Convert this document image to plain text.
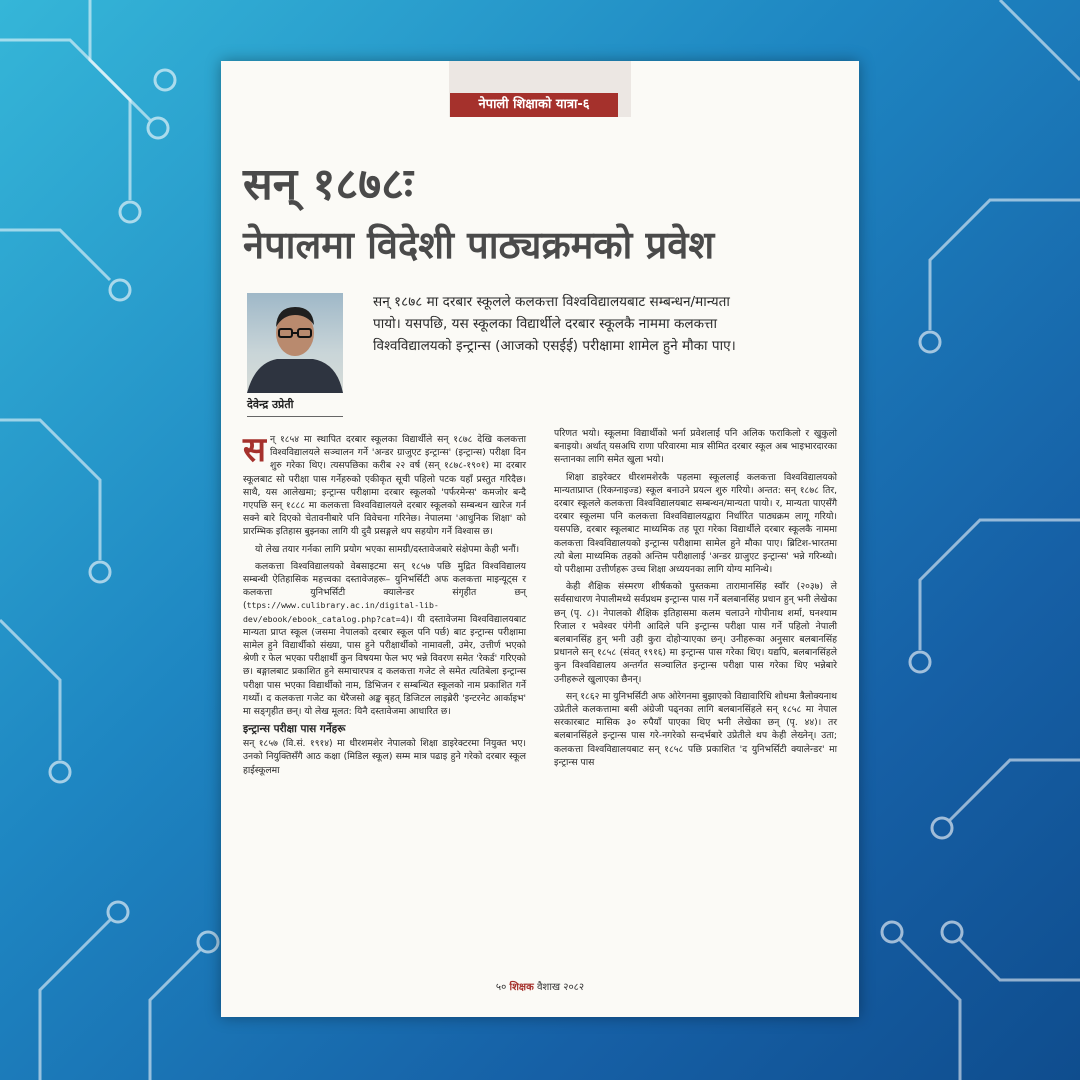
नेपाली शिक्षाको यात्रा-६
सन् १८७८ः
नेपालमा विदेशी पाठ्यक्रमको प्रवेश
देवेन्द्र उप्रेती
सन् १८७८ मा दरबार स्कूलले कलकत्ता विश्वविद्यालयबाट सम्बन्धन/मान्यता पायो। यसपछि, यस स्कूलका विद्यार्थीले दरबार स्कूलकै नाममा कलकत्ता विश्वविद्यालयको इन्ट्रान्स (आजको एसईई) परीक्षामा शामेल हुने मौका पाए।

सन् १८५४ मा स्थापित दरबार स्कूलका विद्यार्थीले सन् १८७८ देखि कलकत्ता विश्वविद्यालयले सञ्चालन गर्ने 'अन्डर ग्राजुएट इन्ट्रान्स' (इन्ट्रान्स) परीक्षा दिन शुरु गरेका थिए। त्यसपछिका करीब २२ वर्ष (सन् १८७८-१९०१) मा दरबार स्कूलबाट सो परीक्षा पास गर्नेहरुको एकीकृत सूची पहिलो पटक यहाँ प्रस्तुत गरिदैछ। साथै, यस आलेखमा; इन्ट्रान्स परीक्षामा दरबार स्कूलको 'पर्फरमेन्स' कमजोर बन्दै गएपछि सन् १८८८ मा कलकत्ता विश्वविद्यालयले दरबार स्कूलको सम्बन्धन खारेज गर्न सक्ने बारे दिएको चेतावनीबारे पनि विवेचना गरिनेछ। नेपालमा 'आधुनिक शिक्षा' को प्रारम्भिक इतिहास बुझ्नका लागि यी दुवै प्रसङ्गले थप सहयोग गर्ने विश्वास छ।

यो लेख तयार गर्नका लागि प्रयोग भएका सामग्री/दस्तावेजबारे संक्षेपमा केही भनौं।

कलकत्ता विश्वविद्यालयको वेबसाइटमा सन् १८५७ पछि मुद्रित विश्वविद्यालय सम्बन्धी ऐतिहासिक महत्त्वका दस्तावेजहरू– युनिभर्सिटी अफ कलकत्ता माइन्यूट्स र कलकत्ता युनिभर्सिटी क्यालेन्डर संगृहीत छन् (ttps://www.culibrary.ac.in/digital-lib-dev/ebook/ebook_catalog.php?cat=4)। यी दस्तावेजमा विश्वविद्यालयबाट मान्यता प्राप्त स्कूल (जसमा नेपालको दरबार स्कूल पनि पर्छ) बाट इन्ट्रान्स परीक्षामा सामेल हुने विद्यार्थीको संख्या, पास हुने परीक्षार्थीको नामावली, उमेर, उत्तीर्ण भएको श्रेणी र फेल भएका परीक्षार्थी कुन विषयमा फेल भए भन्ने विवरण समेत 'रेकर्ड' गरिएको छ। बङ्गालबाट प्रकाशित हुने समाचारपत्र द कलकत्ता गजेट ले समेत त्यतिबेला इन्ट्रान्स परीक्षा पास भएका विद्यार्थीको नाम, डिभिजन र सम्बन्धित स्कूलको नाम प्रकाशित गर्ने गर्थ्यो। द कलकत्ता गजेट का धेरैजसो अङ्क बृहत् डिजिटल लाइब्रेरी 'इन्टरनेट आर्काइभ' मा सङ्गृहीत छन्। यो लेख मूलत: यिनै दस्तावेजमा आधारित छ।

इन्ट्रान्स परीक्षा पास गर्नेहरू

सन् १८५७ (वि.सं. १९१४) मा धीरशमशेर नेपालको शिक्षा डाइरेक्टरमा नियुक्त भए। उनको नियुक्तिसँगै आठ कक्षा (मिडिल स्कूल) सम्म मात्र पढाइ हुने गरेको दरबार स्कूल हाईस्कूलमा

परिणत भयो। स्कूलमा विद्यार्थीको भर्ना प्रवेशलाई पनि अलिक फराकिलो र खुकुलो बनाइयो। अर्थात् यसअघि राणा परिवारमा मात्र सीमित दरबार स्कूल अब भाइभारदारका सन्तानका लागि समेत खुला भयो।

शिक्षा डाइरेक्टर धीरशमशेरकै पहलमा स्कूललाई कलकत्ता विश्वविद्यालयको मान्यताप्राप्त (रिकग्नाइज्ड) स्कूल बनाउने प्रयत्न शुरु गरियो। अन्तत: सन् १८७८ तिर, दरबार स्कूलले कलकत्ता विश्वविद्यालयबाट सम्बन्धन/मान्यता पायो। र, मान्यता पाएसँगै दरबार स्कूलमा पनि कलकत्ता विश्वविद्यालयद्वारा निर्धारित पाठ्यक्रम लागू गरियो। यसपछि, दरबार स्कूलबाट माध्यमिक तह पूरा गरेका विद्यार्थीले दरबार स्कूलकै नाममा कलकत्ता विश्वविद्यालयको इन्ट्रान्स परीक्षामा सामेल हुने मौका पाए। ब्रिटिश-भारतमा त्यो बेला माध्यमिक तहको अन्तिम परीक्षालाई 'अन्डर ग्राजुएट इन्ट्रान्स' भन्ने गरिन्थ्यो। यो परीक्षामा उत्तीर्णहरू उच्च शिक्षा अध्ययनका लागि योग्य मानिन्थे।

केही शैक्षिक संस्मरण शीर्षकको पुस्तकमा तारामानसिंह स्वाँर (२०३७) ले सर्वसाधारण नेपालीमध्ये सर्वप्रथम इन्ट्रान्स पास गर्ने बलबानसिंह प्रधान हुन् भनी लेखेका छन् (पृ. ८)। नेपालको शैक्षिक इतिहासमा कलम चलाउने गोपीनाथ शर्मा, घनश्याम रिजाल र भवेश्वर पंगेनी आदिले पनि इन्ट्रान्स परीक्षा पास गर्ने पहिलो नेपाली बलबानसिंह हुन् भनी उही कुरा दोहोर्‍याएका छन्। उनीहरूका अनुसार बलबानसिंह प्रधानले सन् १८५८ (संवत् १९१६) मा इन्ट्रान्स पास गरेका थिए। यद्यपि, बलबानसिंहले कुन विश्वविद्यालय अन्तर्गत सञ्चालित इन्ट्रान्स परीक्षा पास गरेका थिए भन्नेबारे उनीहरूले खुलाएका छैनन्।

सन् १८६२ मा युनिभर्सिटी अफ ओरेगनमा बुझाएको विद्यावारिधि शोधमा त्रैलोक्यनाथ उप्रेतीले कलकत्तामा बसी अंग्रेजी पढ्नका लागि बलबानसिंहले सन् १८५८ मा नेपाल सरकारबाट मासिक ३० रुपैयाँ पाएका थिए भनी लेखेका छन् (पृ. ४४)। तर बलबानसिंहले इन्ट्रान्स पास गरे-नगरेको सन्दर्भबारे उप्रेतीले थप केही लेख्नेन्। उता; कलकत्ता विश्वविद्यालयबाट सन् १८५८ पछि प्रकाशित 'द युनिभर्सिटी क्यालेन्डर' मा इन्ट्रान्स पास

५० शिक्षक वैशाख २०८२
